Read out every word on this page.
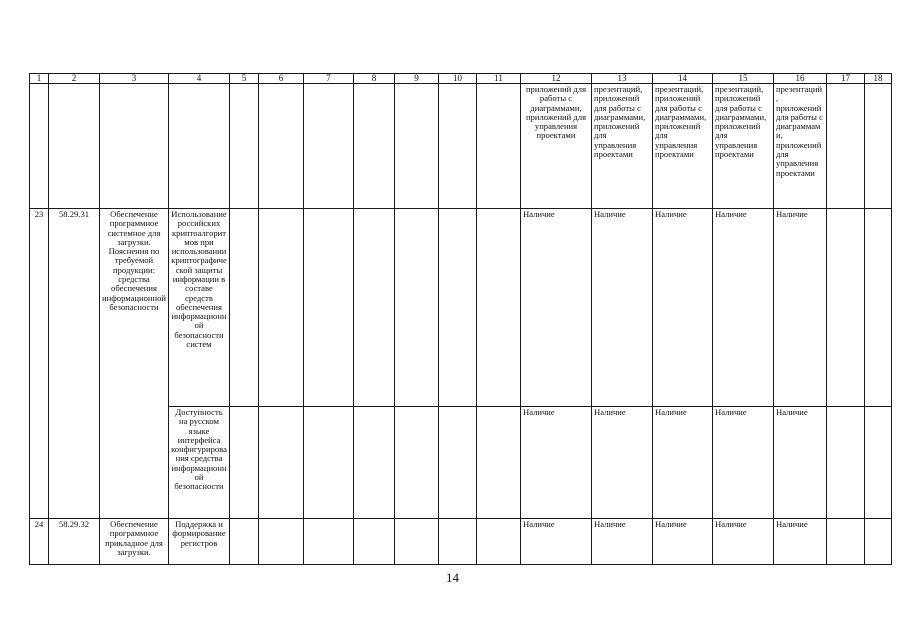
1	2	3	4	5	6	7	8	9	10	11	12	13	14	15	16	17	18
											приложений для работы с диаграммами, приложений для управления проектами	презентаций, приложений для работы с диаграммами, приложений для управления проектами	презентаций, приложений для работы с диаграммами, приложений для управления проектами	презентаций, приложений для работы с диаграммами, приложений для управления проектами	презентаций, приложений для работы с диаграммами, приложений для управления проектами		
23	58.29.31	Обеспечение программное системное для загрузки. Пояснения по требуемой продукции: средства обеспечения информационной безопасности	Использование российских криптоалгоритмов при использовании криптографической защиты информации в составе средств обеспечения информационной безопасности систем								Наличие	Наличие	Наличие	Наличие	Наличие		
			Доступность на русском языке интерфейса конфигурирования средства информационной безопасности								Наличие	Наличие	Наличие	Наличие	Наличие		
24	58.29.32	Обеспечение программное прикладное для загрузки.	Поддержка и формирование регистров								Наличие	Наличие	Наличие	Наличие	Наличие		
14
